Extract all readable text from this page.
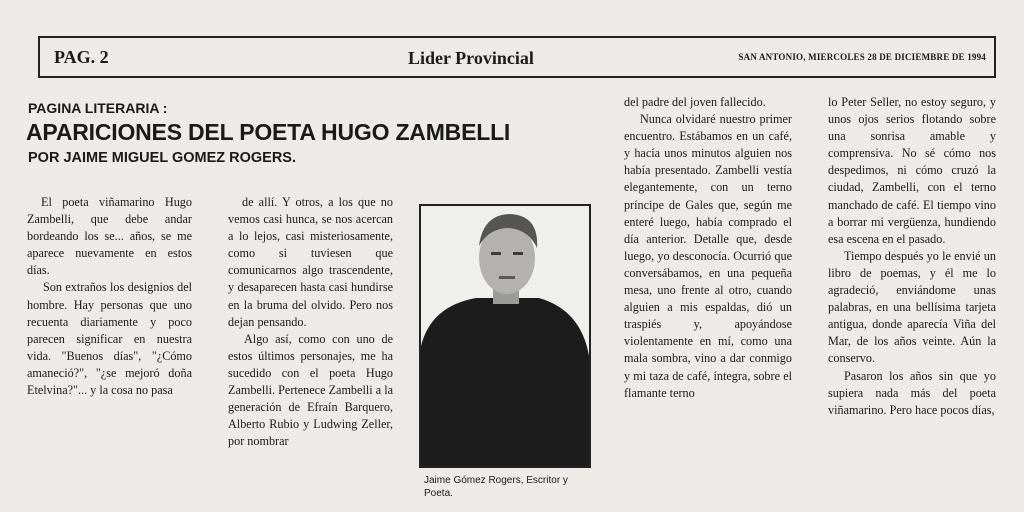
PAG. 2	Lider Provincial	SAN ANTONIO, MIERCOLES 28 DE DICIEMBRE DE 1994
PAGINA LITERARIA :
APARICIONES DEL POETA HUGO ZAMBELLI
POR JAIME MIGUEL GOMEZ ROGERS.

El poeta viñamarino Hugo Zambelli, que debe andar bordeando los se... años, se me aparece nuevamente en estos días.

Son extraños los designios del hombre. Hay personas que uno recuenta diariamente y poco parecen significar en nuestra vida. "Buenos días", "¿Cómo amaneció?", "¿se mejoró doña Etelvina?"... y la cosa no pasa

de allí. Y otros, a los que no vemos casi hunca, se nos acercan a lo lejos, casi misteriosamente, como si tuviesen que comunicarnos algo trascendente, y desaparecen hasta casi hundirse en la bruma del olvido. Pero nos dejan pensando.

Algo así, como con uno de estos últimos personajes, me ha sucedido con el poeta Hugo Zambelli. Pertenece Zambelli a la generación de Efraín Barquero, Alberto Rubio y Ludwing Zeller, por nombrar

Jaime Gómez Rogers, Escritor y Poeta.

del padre del joven fallecido.

Nunca olvidaré nuestro primer encuentro. Estábamos en un café, y hacía unos minutos alguien nos había presentado. Zambelli vestía elegantemente, con un terno príncipe de Gales que, según me enteré luego, había comprado el día anterior. Detalle que, desde luego, yo desconocía. Ocurrió que conversábamos, en una pequeña mesa, uno frente al otro, cuando alguien a mis espaldas, dió un traspiés y, apoyándose violentamente en mí, como una mala sombra, vino a dar conmigo y mi taza de café, íntegra, sobre el flamante terno

lo Peter Seller, no estoy seguro, y unos ojos serios flotando sobre una sonrisa amable y comprensiva. No sé cómo nos despedimos, ni cómo cruzó la ciudad, Zambelli, con el terno manchado de café. El tiempo vino a borrar mi vergüenza, hundiendo esa escena en el pasado.

Tiempo después yo le envié un libro de poemas, y él me lo agradeció, enviándome unas palabras, en una bellísima tarjeta antigua, donde aparecía Viña del Mar, de los años veinte. Aún la conservo.

Pasaron los años sin que yo supiera nada más del poeta viñamarino. Pero hace pocos días,
